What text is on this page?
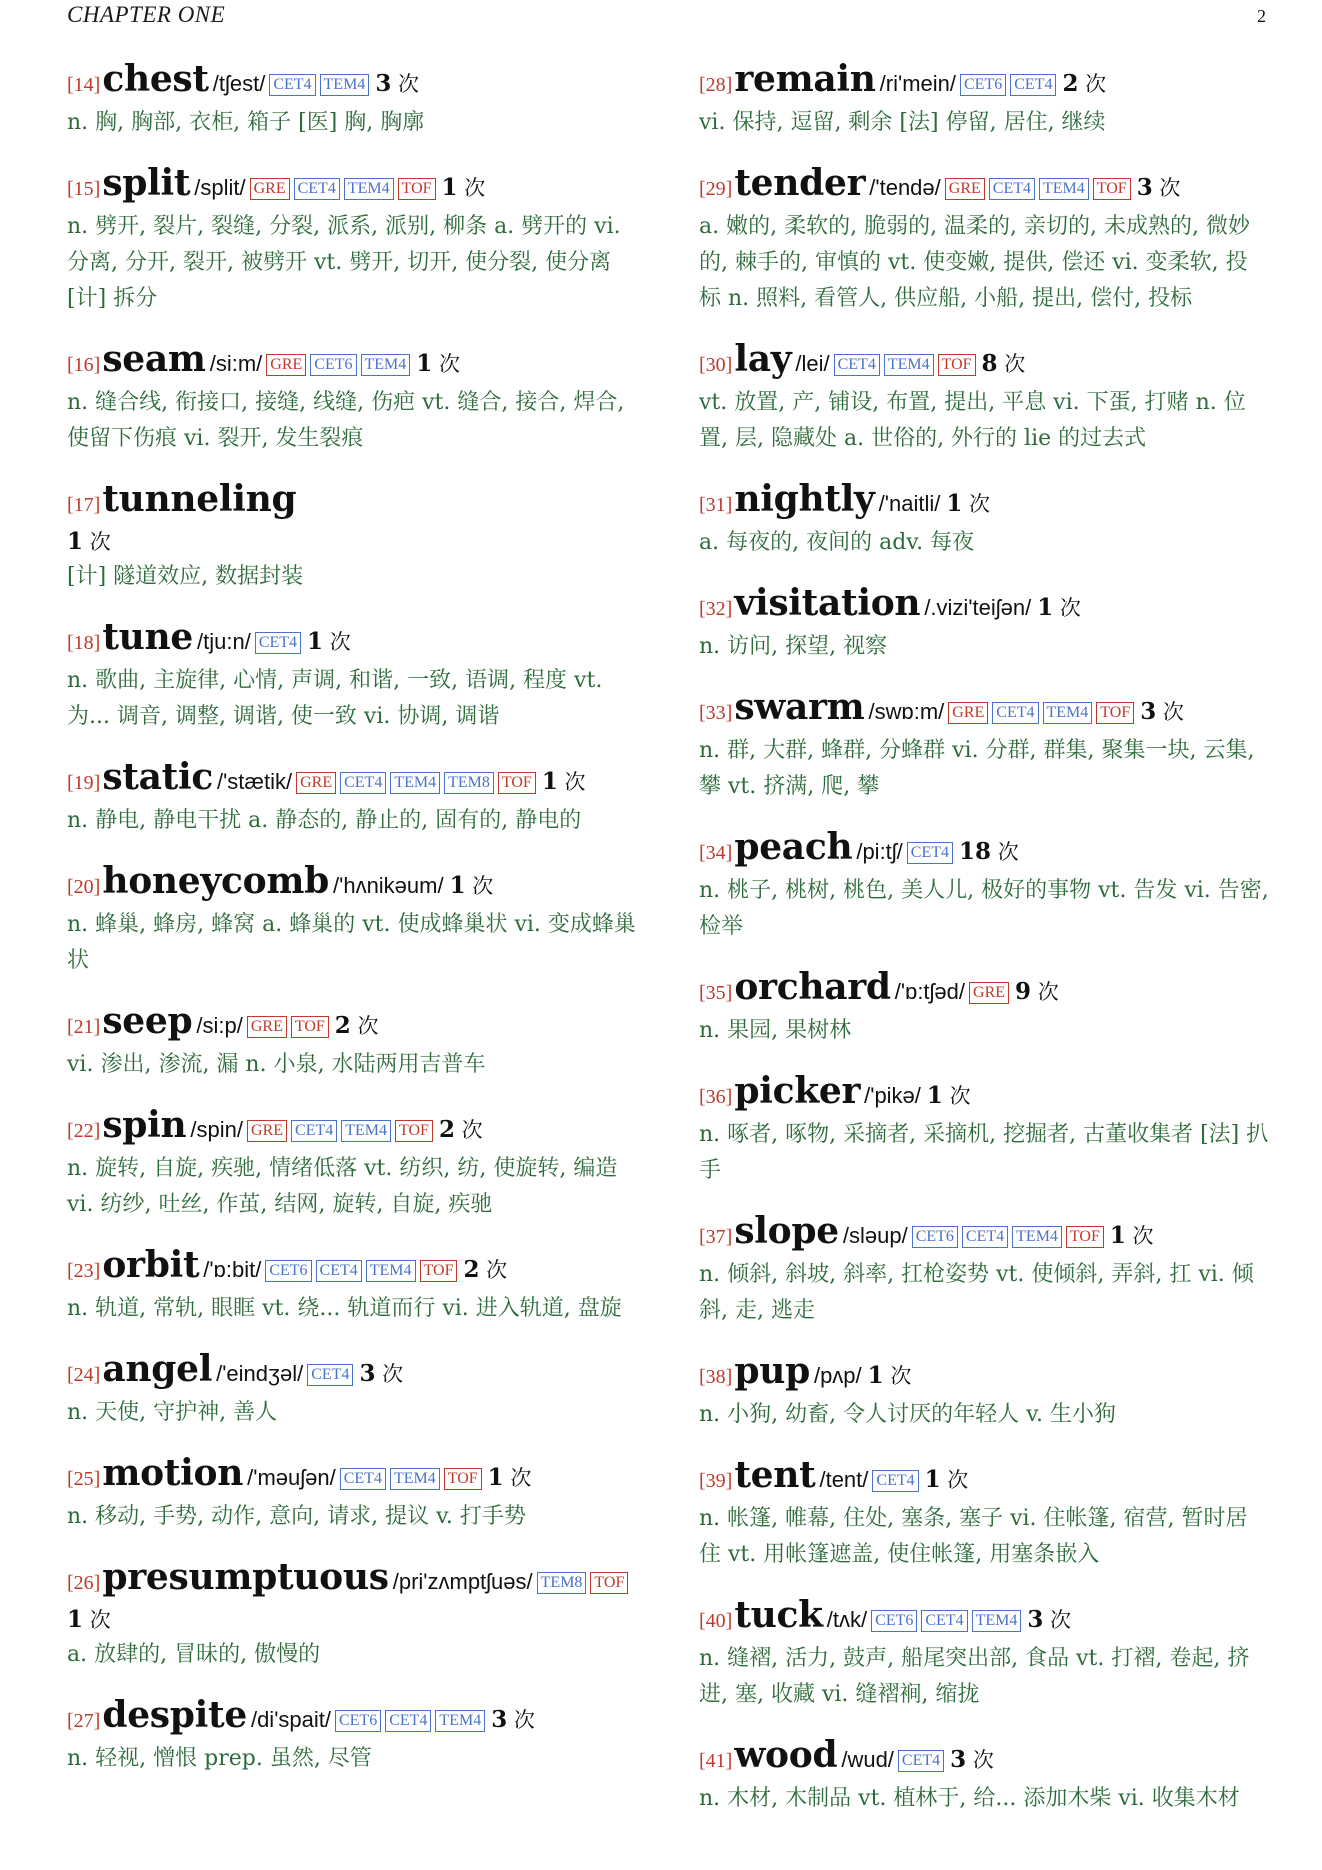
CHAPTER ONE	2
[14]chest /tʃest/ CET4 TEM4 3 次

n. 胸, 胸部, 衣柜, 箱子 [医] 胸, 胸廓

[15]split /split/ GRE CET4 TEM4 TOF 1 次

n. 劈开, 裂片, 裂缝, 分裂, 派系, 派别, 柳条 a. 劈开的 vi. 分离, 分开, 裂开, 被劈开 vt. 劈开, 切开, 使分裂, 使分离 [计] 拆分

[16]seam /si:m/ GRE CET6 TEM4 1 次

n. 缝合线, 衔接口, 接缝, 线缝, 伤疤 vt. 缝合, 接合, 焊合, 使留下伤痕 vi. 裂开, 发生裂痕

[17]tunneling
1 次

[计] 隧道效应, 数据封装

[18]tune /tju:n/ CET4 1 次

n. 歌曲, 主旋律, 心情, 声调, 和谐, 一致, 语调, 程度 vt. 为... 调音, 调整, 调谐, 使一致 vi. 协调, 调谐

[19]static /'stætik/ GRE CET4 TEM4 TEM8 TOF 1 次

n. 静电, 静电干扰 a. 静态的, 静止的, 固有的, 静电的

[20]honeycomb /'hʌnikəum/ 1 次

n. 蜂巢, 蜂房, 蜂窝 a. 蜂巢的 vt. 使成蜂巢状 vi. 变成蜂巢状

[21]seep /si:p/ GRE TOF 2 次

vi. 渗出, 渗流, 漏 n. 小泉, 水陆两用吉普车

[22]spin /spin/ GRE CET4 TEM4 TOF 2 次

n. 旋转, 自旋, 疾驰, 情绪低落 vt. 纺织, 纺, 使旋转, 编造 vi. 纺纱, 吐丝, 作茧, 结网, 旋转, 自旋, 疾驰

[23]orbit /'ɒ:bit/ CET6 CET4 TEM4 TOF 2 次

n. 轨道, 常轨, 眼眶 vt. 绕... 轨道而行 vi. 进入轨道, 盘旋

[24]angel /'eindʒəl/ CET4 3 次

n. 天使, 守护神, 善人

[25]motion /'məuʃən/ CET4 TEM4 TOF 1 次

n. 移动, 手势, 动作, 意向, 请求, 提议 v. 打手势

[26]presumptuous /pri'zʌmptʃuəs/ TEM8 TOF
1 次

a. 放肆的, 冒昧的, 傲慢的

[27]despite /di'spait/ CET6 CET4 TEM4 3 次

n. 轻视, 憎恨 prep. 虽然, 尽管

[28]remain /ri'mein/ CET6 CET4 2 次

vi. 保持, 逗留, 剩余 [法] 停留, 居住, 继续

[29]tender /'tendə/ GRE CET4 TEM4 TOF 3 次

a. 嫩的, 柔软的, 脆弱的, 温柔的, 亲切的, 未成熟的, 微妙的, 棘手的, 审慎的 vt. 使变嫩, 提供, 偿还 vi. 变柔软, 投标 n. 照料, 看管人, 供应船, 小船, 提出, 偿付, 投标

[30]lay /lei/ CET4 TEM4 TOF 8 次

vt. 放置, 产, 铺设, 布置, 提出, 平息 vi. 下蛋, 打赌 n. 位置, 层, 隐藏处 a. 世俗的, 外行的 lie 的过去式

[31]nightly /'naitli/ 1 次

a. 每夜的, 夜间的 adv. 每夜

[32]visitation /.vizi'teiʃən/ 1 次

n. 访问, 探望, 视察

[33]swarm /swɒ:m/ GRE CET4 TEM4 TOF 3 次

n. 群, 大群, 蜂群, 分蜂群 vi. 分群, 群集, 聚集一块, 云集, 攀 vt. 挤满, 爬, 攀

[34]peach /pi:tʃ/ CET4 18 次

n. 桃子, 桃树, 桃色, 美人儿, 极好的事物 vt. 告发 vi. 告密, 检举

[35]orchard /'ɒ:tʃəd/ GRE 9 次

n. 果园, 果树林

[36]picker /'pikə/ 1 次

n. 啄者, 啄物, 采摘者, 采摘机, 挖掘者, 古董收集者 [法] 扒手

[37]slope /sləup/ CET6 CET4 TEM4 TOF 1 次

n. 倾斜, 斜坡, 斜率, 扛枪姿势 vt. 使倾斜, 弄斜, 扛 vi. 倾斜, 走, 逃走

[38]pup /pʌp/ 1 次

n. 小狗, 幼畜, 令人讨厌的年轻人 v. 生小狗

[39]tent /tent/ CET4 1 次

n. 帐篷, 帷幕, 住处, 塞条, 塞子 vi. 住帐篷, 宿营, 暂时居住 vt. 用帐篷遮盖, 使住帐篷, 用塞条嵌入

[40]tuck /tʌk/ CET6 CET4 TEM4 3 次

n. 缝褶, 活力, 鼓声, 船尾突出部, 食品 vt. 打褶, 卷起, 挤进, 塞, 收藏 vi. 缝褶裥, 缩拢

[41]wood /wud/ CET4 3 次

n. 木材, 木制品 vt. 植林于, 给... 添加木柴 vi. 收集木材
